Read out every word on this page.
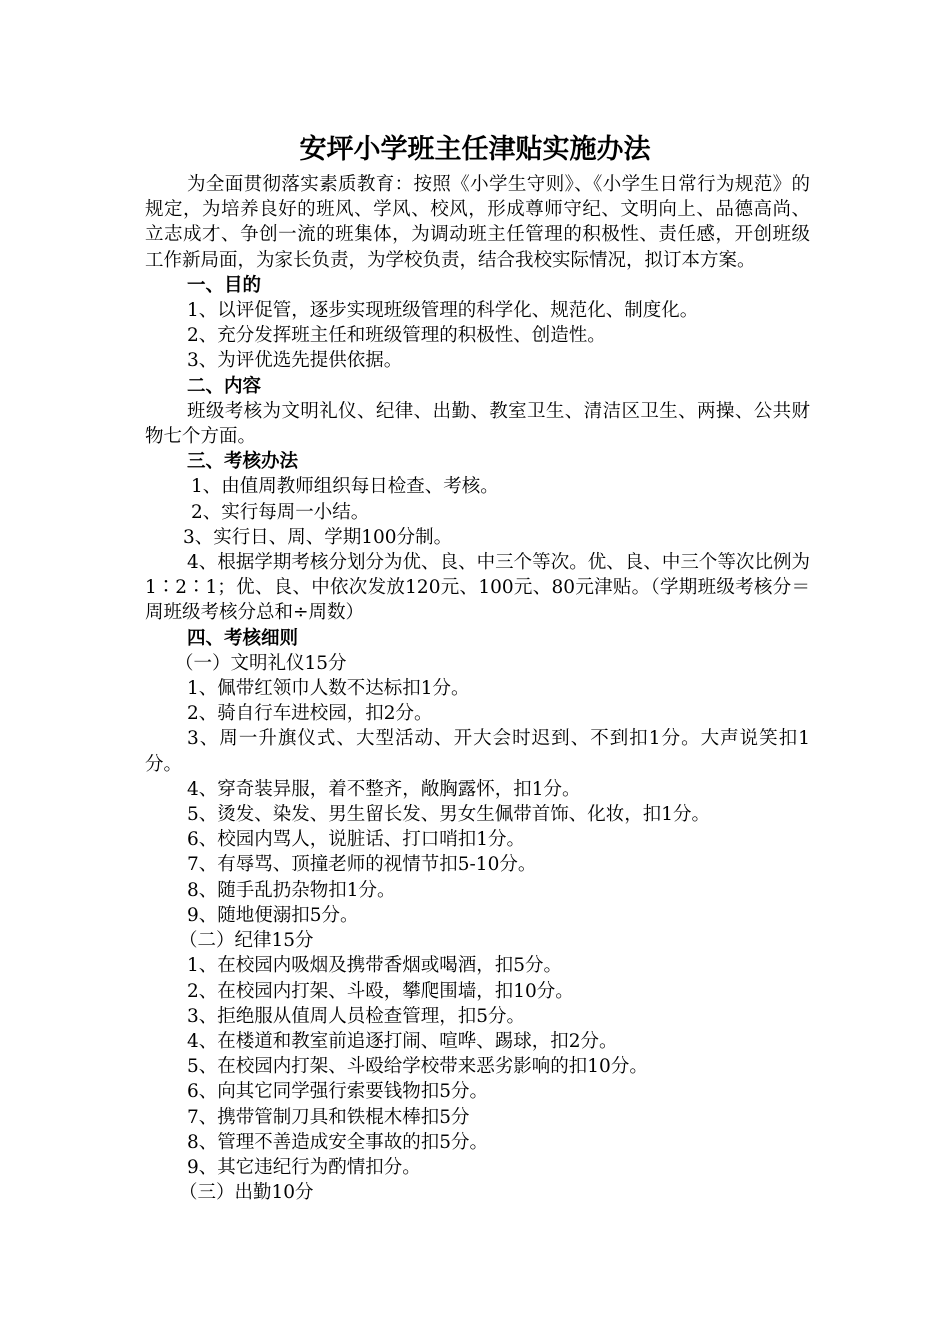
安坪小学班主任津贴实施办法

为全面贯彻落实素质教育：按照《小学生守则》、《小学生日常行为规范》的规定，为培养良好的班风、学风、校风，形成尊师守纪、文明向上、品德高尚、立志成才、争创一流的班集体，为调动班主任管理的积极性、责任感，开创班级工作新局面，为家长负责，为学校负责，结合我校实际情况，拟订本方案。

一、目的

1、以评促管，逐步实现班级管理的科学化、规范化、制度化。

2、充分发挥班主任和班级管理的积极性、创造性。

3、为评优选先提供依据。

二、内容

班级考核为文明礼仪、纪律、出勤、教室卫生、清洁区卫生、两操、公共财物七个方面。

三、考核办法

1、由值周教师组织每日检查、考核。

2、实行每周一小结。

3、实行日、周、学期100分制。

4、根据学期考核分划分为优、良、中三个等次。优、良、中三个等次比例为1∶2∶1；优、良、中依次发放120元、100元、80元津贴。（学期班级考核分＝周班级考核分总和÷周数）

四、考核细则

（一）文明礼仪15分

1、佩带红领巾人数不达标扣1分。

2、骑自行车进校园，扣2分。

3、周一升旗仪式、大型活动、开大会时迟到、不到扣1分。大声说笑扣1分。

4、穿奇装异服，着不整齐，敞胸露怀，扣1分。

5、烫发、染发、男生留长发、男女生佩带首饰、化妆，扣1分。

6、校园内骂人，说脏话、打口哨扣1分。

7、有辱骂、顶撞老师的视情节扣5-10分。

8、随手乱扔杂物扣1分。

9、随地便溺扣5分。

（二）纪律15分

1、在校园内吸烟及携带香烟或喝酒，扣5分。

2、在校园内打架、斗殴，攀爬围墙，扣10分。

3、拒绝服从值周人员检查管理，扣5分。

4、在楼道和教室前追逐打闹、喧哗、踢球，扣2分。

5、在校园内打架、斗殴给学校带来恶劣影响的扣10分。

6、向其它同学强行索要钱物扣5分。

7、携带管制刀具和铁棍木棒扣5分

8、管理不善造成安全事故的扣5分。

9、其它违纪行为酌情扣分。

（三）出勤10分
